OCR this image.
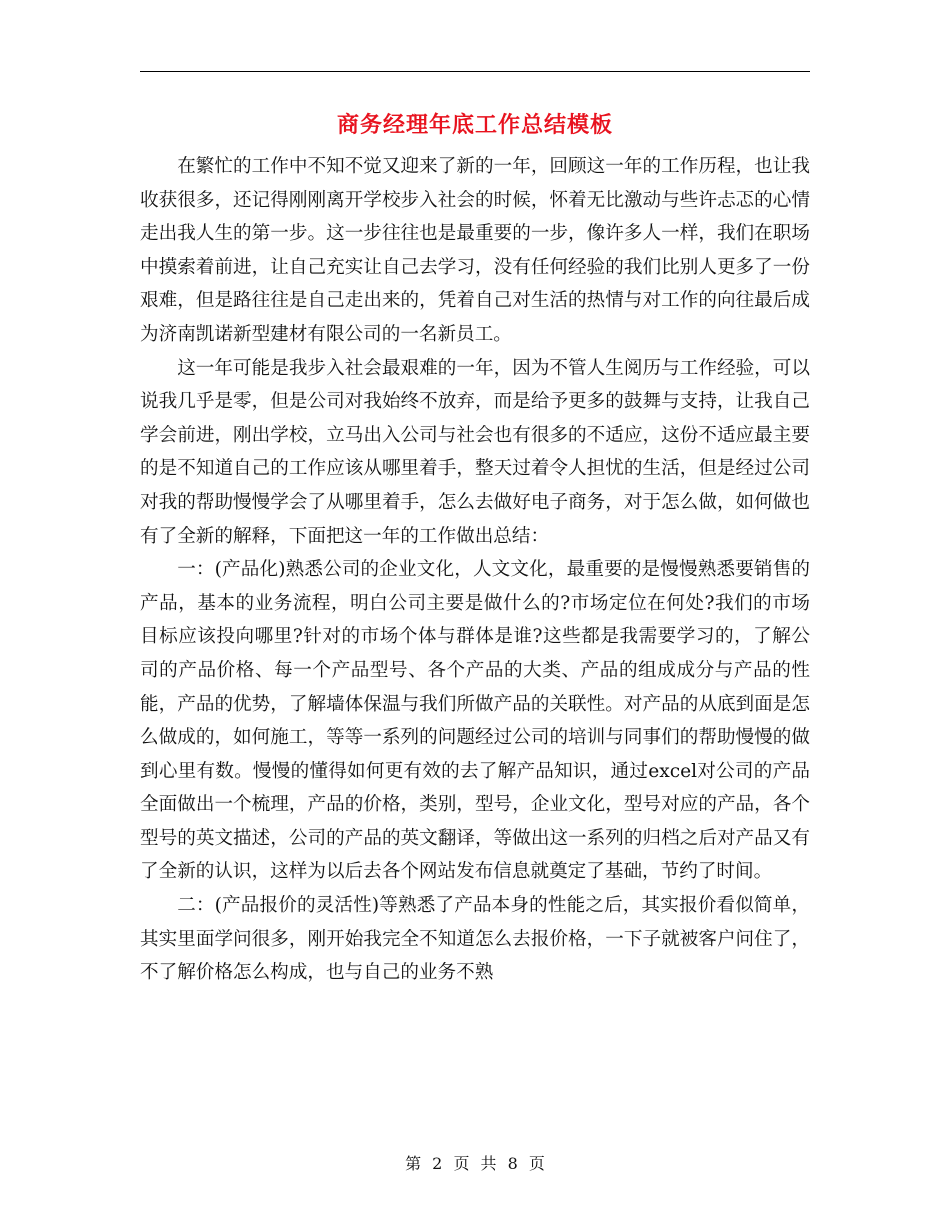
商务经理年底工作总结模板

在繁忙的工作中不知不觉又迎来了新的一年，回顾这一年的工作历程，也让我收获很多，还记得刚刚离开学校步入社会的时候，怀着无比激动与些许忐忑的心情走出我人生的第一步。这一步往往也是最重要的一步，像许多人一样，我们在职场中摸索着前进，让自己充实让自己去学习，没有任何经验的我们比别人更多了一份艰难，但是路往往是自己走出来的，凭着自己对生活的热情与对工作的向往最后成为济南凯诺新型建材有限公司的一名新员工。

这一年可能是我步入社会最艰难的一年，因为不管人生阅历与工作经验，可以说我几乎是零，但是公司对我始终不放弃，而是给予更多的鼓舞与支持，让我自己学会前进，刚出学校，立马出入公司与社会也有很多的不适应，这份不适应最主要的是不知道自己的工作应该从哪里着手，整天过着令人担忧的生活，但是经过公司对我的帮助慢慢学会了从哪里着手，怎么去做好电子商务，对于怎么做，如何做也有了全新的解释，下面把这一年的工作做出总结：

一：(产品化)熟悉公司的企业文化，人文文化，最重要的是慢慢熟悉要销售的产品，基本的业务流程，明白公司主要是做什么的?市场定位在何处?我们的市场目标应该投向哪里?针对的市场个体与群体是谁?这些都是我需要学习的，了解公司的产品价格、每一个产品型号、各个产品的大类、产品的组成成分与产品的性能，产品的优势，了解墙体保温与我们所做产品的关联性。对产品的从底到面是怎么做成的，如何施工，等等一系列的问题经过公司的培训与同事们的帮助慢慢的做到心里有数。慢慢的懂得如何更有效的去了解产品知识，通过excel对公司的产品全面做出一个梳理，产品的价格，类别，型号，企业文化，型号对应的产品，各个型号的英文描述，公司的产品的英文翻译，等做出这一系列的归档之后对产品又有了全新的认识，这样为以后去各个网站发布信息就奠定了基础，节约了时间。

二：(产品报价的灵活性)等熟悉了产品本身的性能之后，其实报价看似简单，其实里面学问很多，刚开始我完全不知道怎么去报价格，一下子就被客户问住了，不了解价格怎么构成，也与自己的业务不熟

第 2 页 共 8 页
